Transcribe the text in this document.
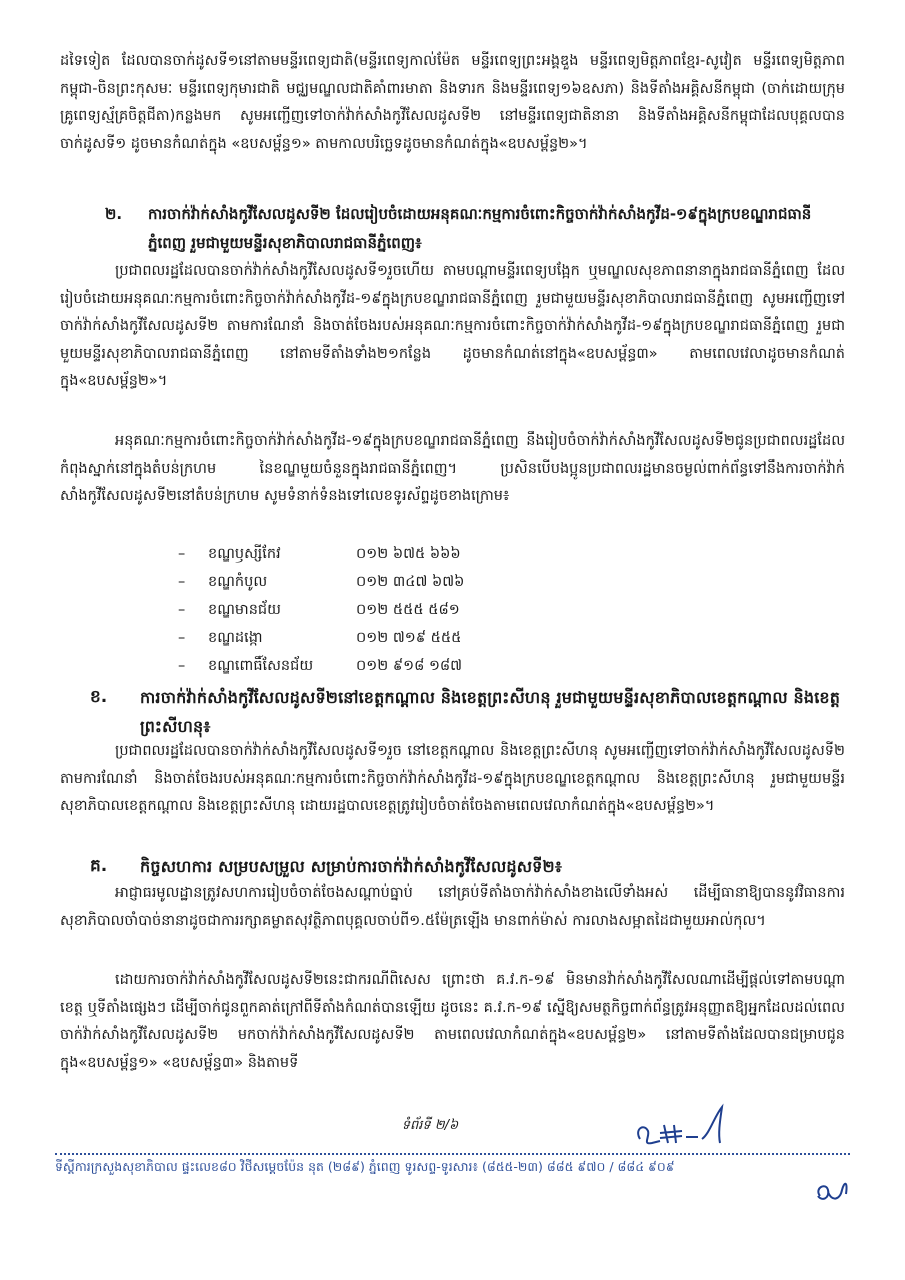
ដទៃទៀត ដែលបានចាក់ដូសទី១នៅតាមមន្ទីរពេទ្យជាតិ(មន្ទីរពេទ្យកាល់ម៉ែត មន្ទីរពេទ្យព្រះអង្គឌួង មន្ទីរពេទ្យមិត្តភាពខ្មែរ-សូវៀត មន្ទីរពេទ្យមិត្តភាពកម្ពុជា-ចិនព្រះកុសមៈ មន្ទីរពេទ្យកុមារជាតិ មជ្ឈមណ្ឌលជាតិគាំពារមាតា និងទារក និងមន្ទីរពេទ្យ១៦ឧសភា) និងទីតាំងអគ្គិសនីកម្ពុជា (ចាក់ដោយក្រុមគ្រូពេទ្យស្ម័គ្រចិត្តជីតា)កន្លងមក សូមអញ្ជើញទៅចាក់វ៉ាក់សាំងកូវីសែលដូសទី២ នៅមន្ទីរពេទ្យជាតិនានា និងទីតាំងអគ្គិសនីកម្ពុជាដែលបុគ្គលបានចាក់ដូសទី១ ដូចមានកំណត់ក្នុង «ឧបសម្ព័ន្ធ១» តាមកាលបរិច្ឆេទដូចមានកំណត់ក្នុង«ឧបសម្ព័ន្ធ២»។
២.	ការចាក់វ៉ាក់សាំងកូវីសែលដូសទី២ ដែលរៀបចំដោយអនុគណៈកម្មការចំពោះកិច្ចចាក់វ៉ាក់សាំងកូវីដ-១៩ក្នុងក្របខណ្ឌរាជធានីភ្នំពេញ រួមជាមួយមន្ទីរសុខាភិបាលរាជធានីភ្នំពេញ៖
ប្រជាពលរដ្ឋដែលបានចាក់វ៉ាក់សាំងកូវីសែលដូសទី១រួចហើយ តាមបណ្តាមន្ទីរពេទ្យបង្អែក ឬមណ្ឌលសុខភាពនានាក្នុងរាជធានីភ្នំពេញ ដែលរៀបចំដោយអនុគណៈកម្មការចំពោះកិច្ចចាក់វ៉ាក់សាំងកូវីដ-១៩ក្នុងក្របខណ្ឌរាជធានីភ្នំពេញ រួមជាមួយមន្ទីរសុខាភិបាលរាជធានីភ្នំពេញ សូមអញ្ជើញទៅចាក់វ៉ាក់សាំងកូវីសែលដូសទី២ តាមការណែនាំ និងចាត់ចែងរបស់អនុគណៈកម្មការចំពោះកិច្ចចាក់វ៉ាក់សាំងកូវីដ-១៩ក្នុងក្របខណ្ឌរាជធានីភ្នំពេញ រួមជាមួយមន្ទីរសុខាភិបាលរាជធានីភ្នំពេញ នៅតាមទីតាំងទាំង២១កន្លែង ដូចមានកំណត់នៅក្នុង«ឧបសម្ព័ន្ធ៣» តាមពេលវេលាដូចមានកំណត់ក្នុង«ឧបសម្ព័ន្ធ២»។
អនុគណៈកម្មការចំពោះកិច្ចចាក់វ៉ាក់សាំងកូវីដ-១៩ក្នុងក្របខណ្ឌរាជធានីភ្នំពេញ នឹងរៀបចំចាក់វ៉ាក់សាំងកូវីសែលដូសទី២ជូនប្រជាពលរដ្ឋដែលកំពុងស្នាក់នៅក្នុងតំបន់ក្រហម នៃខណ្ឌមួយចំនួនក្នុងរាជធានីភ្នំពេញ។ ប្រសិនបើបងប្អូនប្រជាពលរដ្ឋមានចម្ងល់ពាក់ព័ន្ធទៅនឹងការចាក់វ៉ាក់សាំងកូវីសែលដូសទី២នៅតំបន់ក្រហម សូមទំនាក់ទំនងទៅលេខទូរស័ព្ទដូចខាងក្រោម៖
–	ខណ្ឌឫស្សីកែវ	០១២ ៦៧៥ ៦៦៦
–	ខណ្ឌកំបូល	០១២ ៣៤៧ ៦៧៦
–	ខណ្ឌមានជ័យ	០១២ ៥៥៥ ៥៨១
–	ខណ្ឌដង្កោ	០១២ ៧១៩ ៥៥៥
–	ខណ្ឌពោធិ៍សែនជ័យ	០១២ ៩១៨ ១៨៧
ខ.	ការចាក់វ៉ាក់សាំងកូវីសែលដូសទី២នៅខេត្តកណ្តាល និងខេត្តព្រះសីហនុ រួមជាមួយមន្ទីរសុខាភិបាលខេត្តកណ្តាល និងខេត្តព្រះសីហនុ៖
ប្រជាពលរដ្ឋដែលបានចាក់វ៉ាក់សាំងកូវីសែលដូសទី១រួច នៅខេត្តកណ្តាល និងខេត្តព្រះសីហនុ សូមអញ្ជើញទៅចាក់វ៉ាក់សាំងកូវីសែលដូសទី២ តាមការណែនាំ និងចាត់ចែងរបស់អនុគណៈកម្មការចំពោះកិច្ចចាក់វ៉ាក់សាំងកូវីដ-១៩ក្នុងក្របខណ្ឌខេត្តកណ្តាល និងខេត្តព្រះសីហនុ រួមជាមួយមន្ទីរសុខាភិបាលខេត្តកណ្តាល និងខេត្តព្រះសីហនុ ដោយរដ្ឋបាលខេត្តត្រូវរៀបចំចាត់ចែងតាមពេលវេលាកំណត់ក្នុង«ឧបសម្ព័ន្ធ២»។
គ.	កិច្ចសហការ សម្របសម្រួល សម្រាប់ការចាក់វ៉ាក់សាំងកូវីសែលដូសទី២៖
អាជ្ញាធរមូលដ្ឋានត្រូវសហការរៀបចំចាត់ចែងសណ្តាប់ធ្នាប់ នៅគ្រប់ទីតាំងចាក់វ៉ាក់សាំងខាងលើទាំងអស់ ដើម្បីធានាឱ្យបាននូវវិធានការសុខាភិបាលចាំបាច់នានាដូចជាការរក្សាគម្លាតសុវត្ថិភាពបុគ្គលចាប់ពី១.៥ម៉ែត្រឡើង មានពាក់ម៉ាស់ ការលាងសម្អាតដៃជាមួយអាល់កុល។
ដោយការចាក់វ៉ាក់សាំងកូវីសែលដូសទី២នេះជាករណីពិសេស ព្រោះថា គ.វ.ក-១៩ មិនមានវ៉ាក់សាំងកូវីសែលណាដើម្បីផ្តល់ទៅតាមបណ្តាខេត្ត ឬទីតាំងផ្សេងៗ ដើម្បីចាក់ជូនពួកគាត់ក្រៅពីទីតាំងកំណត់បានឡើយ ដូចនេះ គ.វ.ក-១៩ ស្នើឱ្យសមត្ថកិច្ចពាក់ព័ន្ធត្រូវអនុញ្ញាតឱ្យអ្នកដែលដល់ពេលចាក់វ៉ាក់សាំងកូវីសែលដូសទី២ មកចាក់វ៉ាក់សាំងកូវីសែលដូសទី២ តាមពេលវេលាកំណត់ក្នុង«ឧបសម្ព័ន្ធ២» នៅតាមទីតាំងដែលបានជម្រាបជូនក្នុង«ឧបសម្ព័ន្ធ១» «ឧបសម្ព័ន្ធ៣» និងតាមទី
ទំព័រទី ២/៦
ទីស្តីការក្រសួងសុខាភិបាល ផ្ទះលេខ៨០ វិថីសម្តេចប៉ែន នុត (២៨៩) ភ្នំពេញ ទូរសព្ទ-ទូរសារ៖ (៨៥៥-២៣) ៨៨៥ ៩៧០ / ៨៨៤ ៩០៩
